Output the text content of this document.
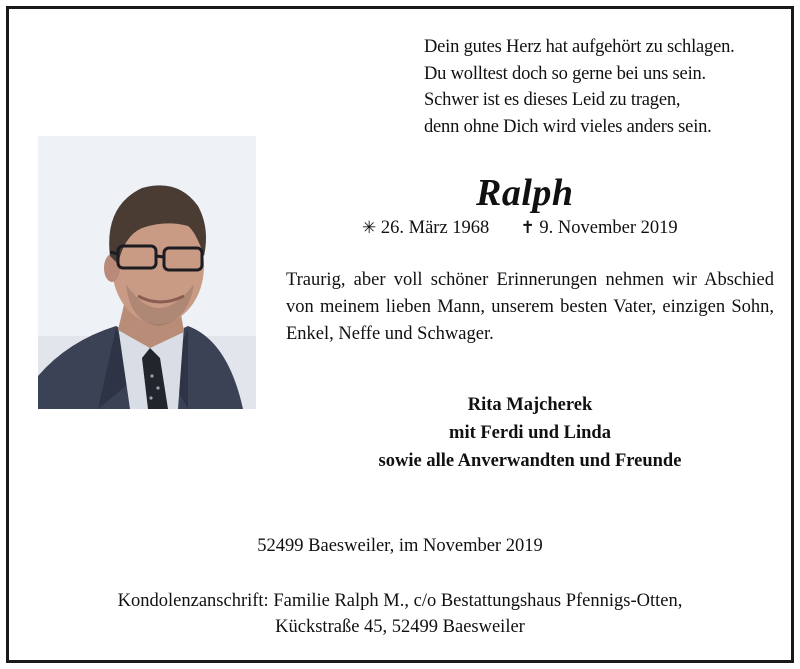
Dein gutes Herz hat aufgehört zu schlagen.
Du wolltest doch so gerne bei uns sein.
Schwer ist es dieses Leid zu tragen,
denn ohne Dich wird vieles anders sein.
Ralph
✳ 26. März 1968 ✝ 9. November 2019
Traurig, aber voll schöner Erinnerungen nehmen wir Abschied von meinem lieben Mann, unserem besten Vater, einzigen Sohn, Enkel, Neffe und Schwager.
Rita Majcherek
mit Ferdi und Linda
sowie alle Anverwandten und Freunde
52499 Baesweiler, im November 2019
Kondolenzanschrift: Familie Ralph M., c/o Bestattungshaus Pfennigs-Otten,
Kückstraße 45, 52499 Baesweiler
